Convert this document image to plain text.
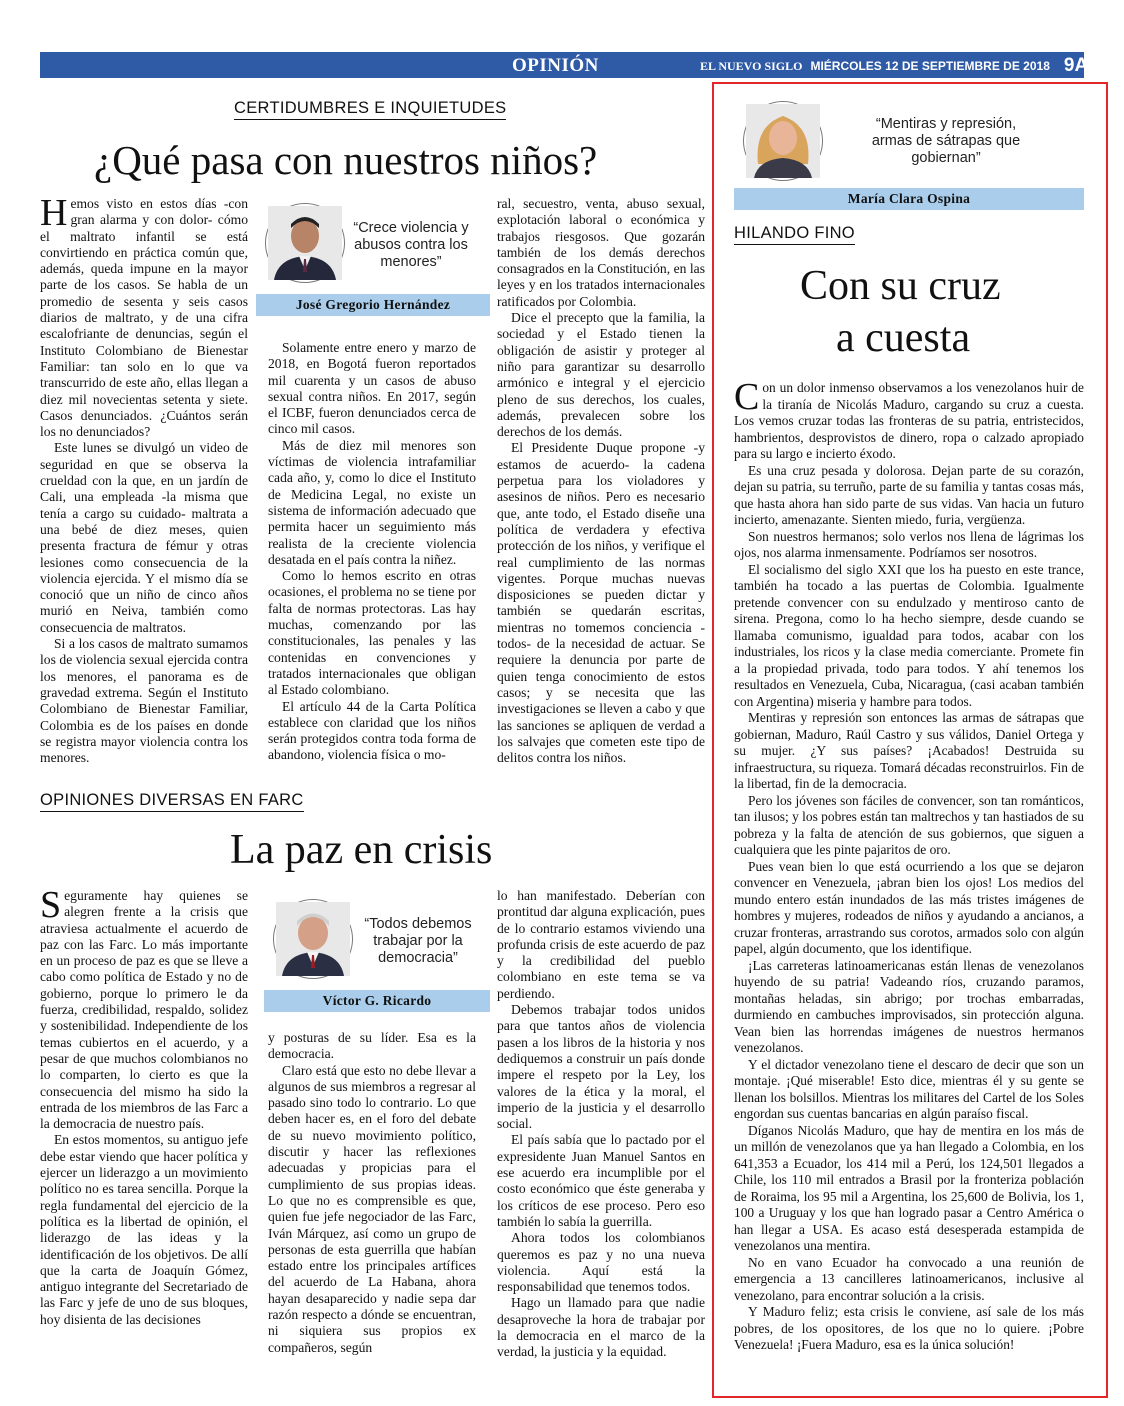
OPINIÓN	EL NUEVO SIGLO MIÉRCOLES 12 DE SEPTIEMBRE DE 2018 9A
CERTIDUMBRES E INQUIETUDES
¿Qué pasa con nuestros niños?
“Crece violencia y abusos contra los menores”
José Gregorio Hernández

Hemos visto en estos días -con gran alarma y con dolor- cómo el maltrato infantil se está convirtiendo en práctica común que, además, queda impune en la mayor parte de los casos. Se habla de un promedio de sesenta y seis casos diarios de maltrato, y de una cifra escalofriante de denuncias, según el Instituto Colombiano de Bienestar Familiar: tan solo en lo que va transcurrido de este año, ellas llegan a diez mil novecientas setenta y siete. Casos denunciados. ¿Cuántos serán los no denunciados?

Este lunes se divulgó un video de seguridad en que se observa la crueldad con la que, en un jardín de Cali, una empleada -la misma que tenía a cargo su cuidado- maltrata a una bebé de diez meses, quien presenta fractura de fémur y otras lesiones como consecuencia de la violencia ejercida. Y el mismo día se conoció que un niño de cinco años murió en Neiva, también como consecuencia de maltratos.

Si a los casos de maltrato sumamos los de violencia sexual ejercida contra los menores, el panorama es de gravedad extrema. Según el Instituto Colombiano de Bienestar Familiar, Colombia es de los países en donde se registra mayor violencia contra los menores.

Solamente entre enero y marzo de 2018, en Bogotá fueron reportados mil cuarenta y un casos de abuso sexual contra niños. En 2017, según el ICBF, fueron denunciados cerca de cinco mil casos.

Más de diez mil menores son víctimas de violencia intrafamiliar cada año, y, como lo dice el Instituto de Medicina Legal, no existe un sistema de información adecuado que permita hacer un seguimiento más realista de la creciente violencia desatada en el país contra la niñez.

Como lo hemos escrito en otras ocasiones, el problema no se tiene por falta de normas protectoras. Las hay muchas, comenzando por las constitucionales, las penales y las contenidas en convenciones y tratados internacionales que obligan al Estado colombiano.

El artículo 44 de la Carta Política establece con claridad que los niños serán protegidos contra toda forma de abandono, violencia física o mo-

ral, secuestro, venta, abuso sexual, explotación laboral o económica y trabajos riesgosos. Que gozarán también de los demás derechos consagrados en la Constitución, en las leyes y en los tratados internacionales ratificados por Colombia.

Dice el precepto que la familia, la sociedad y el Estado tienen la obligación de asistir y proteger al niño para garantizar su desarrollo armónico e integral y el ejercicio pleno de sus derechos, los cuales, además, prevalecen sobre los derechos de los demás.

El Presidente Duque propone -y estamos de acuerdo- la cadena perpetua para los violadores y asesinos de niños. Pero es necesario que, ante todo, el Estado diseñe una política de verdadera y efectiva protección de los niños, y verifique el real cumplimiento de las normas vigentes. Porque muchas nuevas disposiciones se pueden dictar y también se quedarán escritas, mientras no tomemos conciencia -todos- de la necesidad de actuar. Se requiere la denuncia por parte de quien tenga conocimiento de estos casos; y se necesita que las investigaciones se lleven a cabo y que las sanciones se apliquen de verdad a los salvajes que cometen este tipo de delitos contra los niños.

OPINIONES DIVERSAS EN FARC
La paz en crisis
“Todos debemos trabajar por la democracia”
Víctor G. Ricardo

Seguramente hay quienes se alegren frente a la crisis que atraviesa actualmente el acuerdo de paz con las Farc. Lo más importante en un proceso de paz es que se lleve a cabo como política de Estado y no de gobierno, porque lo primero le da fuerza, credibilidad, respaldo, solidez y sostenibilidad. Independiente de los temas cubiertos en el acuerdo, y a pesar de que muchos colombianos no lo comparten, lo cierto es que la consecuencia del mismo ha sido la entrada de los miembros de las Farc a la democracia de nuestro país.

En estos momentos, su antiguo jefe debe estar viendo que hacer política y ejercer un liderazgo a un movimiento político no es tarea sencilla. Porque la regla fundamental del ejercicio de la política es la libertad de opinión, el liderazgo de las ideas y la identificación de los objetivos. De allí que la carta de Joaquín Gómez, antiguo integrante del Secretariado de las Farc y jefe de uno de sus bloques, hoy disienta de las decisiones

y posturas de su líder. Esa es la democracia.

Claro está que esto no debe llevar a algunos de sus miembros a regresar al pasado sino todo lo contrario. Lo que deben hacer es, en el foro del debate de su nuevo movimiento político, discutir y hacer las reflexiones adecuadas y propicias para el cumplimiento de sus propias ideas. Lo que no es comprensible es que, quien fue jefe negociador de las Farc, Iván Márquez, así como un grupo de personas de esta guerrilla que habían estado entre los principales artífices del acuerdo de La Habana, ahora hayan desaparecido y nadie sepa dar razón respecto a dónde se encuentran, ni siquiera sus propios ex compañeros, según

lo han manifestado. Deberían con prontitud dar alguna explicación, pues de lo contrario estamos viviendo una profunda crisis de este acuerdo de paz y la credibilidad del pueblo colombiano en este tema se va perdiendo.

Debemos trabajar todos unidos para que tantos años de violencia pasen a los libros de la historia y nos dediquemos a construir un país donde impere el respeto por la Ley, los valores de la ética y la moral, el imperio de la justicia y el desarrollo social.

El país sabía que lo pactado por el expresidente Juan Manuel Santos en ese acuerdo era incumplible por el costo económico que éste generaba y los críticos de ese proceso. Pero eso también lo sabía la guerrilla.

Ahora todos los colombianos queremos es paz y no una nueva violencia. Aquí está la responsabilidad que tenemos todos.

Hago un llamado para que nadie desaproveche la hora de trabajar por la democracia en el marco de la verdad, la justicia y la equidad.

“Mentiras y represión, armas de sátrapas que gobiernan”
María Clara Ospina
HILANDO FINO
Con su cruz
a cuesta

Con un dolor inmenso observamos a los venezolanos huir de la tiranía de Nicolás Maduro, cargando su cruz a cuesta. Los vemos cruzar todas las fronteras de su patria, entristecidos, hambrientos, desprovistos de dinero, ropa o calzado apropiado para su largo e incierto éxodo.

Es una cruz pesada y dolorosa. Dejan parte de su corazón, dejan su patria, su terruño, parte de su familia y tantas cosas más, que hasta ahora han sido parte de sus vidas. Van hacia un futuro incierto, amenazante. Sienten miedo, furia, vergüenza.

Son nuestros hermanos; solo verlos nos llena de lágrimas los ojos, nos alarma inmensamente. Podríamos ser nosotros.

El socialismo del siglo XXI que los ha puesto en este trance, también ha tocado a las puertas de Colombia. Igualmente pretende convencer con su endulzado y mentiroso canto de sirena. Pregona, como lo ha hecho siempre, desde cuando se llamaba comunismo, igualdad para todos, acabar con los industriales, los ricos y la clase media comerciante. Promete fin a la propiedad privada, todo para todos. Y ahí tenemos los resultados en Venezuela, Cuba, Nicaragua, (casi acaban también con Argentina) miseria y hambre para todos.

Mentiras y represión son entonces las armas de sátrapas que gobiernan, Maduro, Raúl Castro y sus válidos, Daniel Ortega y su mujer. ¿Y sus países? ¡Acabados! Destruida su infraestructura, su riqueza. Tomará décadas reconstruirlos. Fin de la libertad, fin de la democracia.

Pero los jóvenes son fáciles de convencer, son tan románticos, tan ilusos; y los pobres están tan maltrechos y tan hastiados de su pobreza y la falta de atención de sus gobiernos, que siguen a cualquiera que les pinte pajaritos de oro.

Pues vean bien lo que está ocurriendo a los que se dejaron convencer en Venezuela, ¡abran bien los ojos! Los medios del mundo entero están inundados de las más tristes imágenes de hombres y mujeres, rodeados de niños y ayudando a ancianos, a cruzar fronteras, arrastrando sus corotos, armados solo con algún papel, algún documento, que los identifique.

¡Las carreteras latinoamericanas están llenas de venezolanos huyendo de su patria! Vadeando ríos, cruzando paramos, montañas heladas, sin abrigo; por trochas embarradas, durmiendo en cambuches improvisados, sin protección alguna. Vean bien las horrendas imágenes de nuestros hermanos venezolanos.

Y el dictador venezolano tiene el descaro de decir que son un montaje. ¡Qué miserable! Esto dice, mientras él y su gente se llenan los bolsillos. Mientras los militares del Cartel de los Soles engordan sus cuentas bancarias en algún paraíso fiscal.

Díganos Nicolás Maduro, que hay de mentira en los más de un millón de venezolanos que ya han llegado a Colombia, en los 641,353 a Ecuador, los 414 mil a Perú, los 124,501 llegados a Chile, los 110 mil entrados a Brasil por la fronteriza población de Roraima, los 95 mil a Argentina, los 25,600 de Bolivia, los 1, 100 a Uruguay y los que han logrado pasar a Centro América o han llegar a USA. Es acaso está desesperada estampida de venezolanos una mentira.

No en vano Ecuador ha convocado a una reunión de emergencia a 13 cancilleres latinoamericanos, inclusive al venezolano, para encontrar solución a la crisis.

Y Maduro feliz; esta crisis le conviene, así sale de los más pobres, de los opositores, de los que no lo quiere. ¡Pobre Venezuela! ¡Fuera Maduro, esa es la única solución!
